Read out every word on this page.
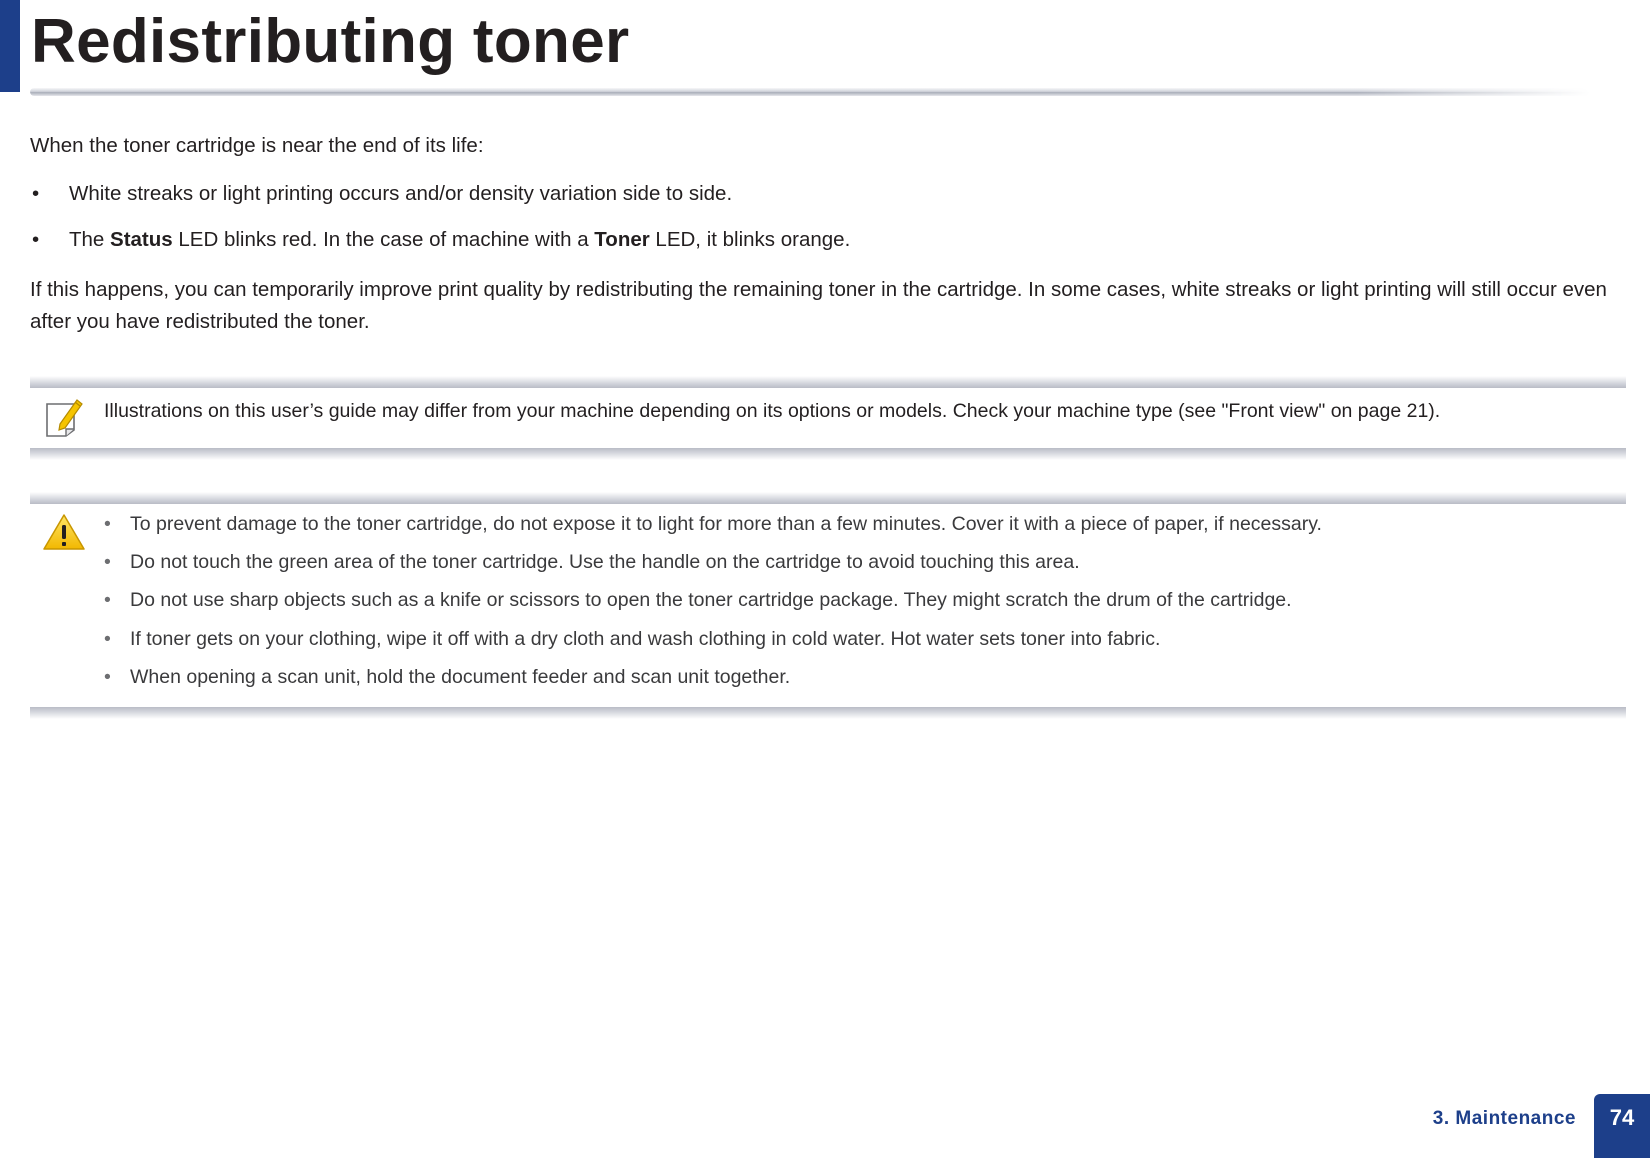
Redistributing toner
When the toner cartridge is near the end of its life:
• White streaks or light printing occurs and/or density variation side to side.
• The Status LED blinks red. In the case of machine with a Toner LED, it blinks orange.
If this happens, you can temporarily improve print quality by redistributing the remaining toner in the cartridge. In some cases, white streaks or light printing will still occur even after you have redistributed the toner.
Illustrations on this user’s guide may differ from your machine depending on its options or models. Check your machine type (see "Front view" on page 21).
• To prevent damage to the toner cartridge, do not expose it to light for more than a few minutes. Cover it with a piece of paper, if necessary.
• Do not touch the green area of the toner cartridge. Use the handle on the cartridge to avoid touching this area.
• Do not use sharp objects such as a knife or scissors to open the toner cartridge package. They might scratch the drum of the cartridge.
• If toner gets on your clothing, wipe it off with a dry cloth and wash clothing in cold water. Hot water sets toner into fabric.
• When opening a scan unit, hold the document feeder and scan unit together.
3. Maintenance	74
